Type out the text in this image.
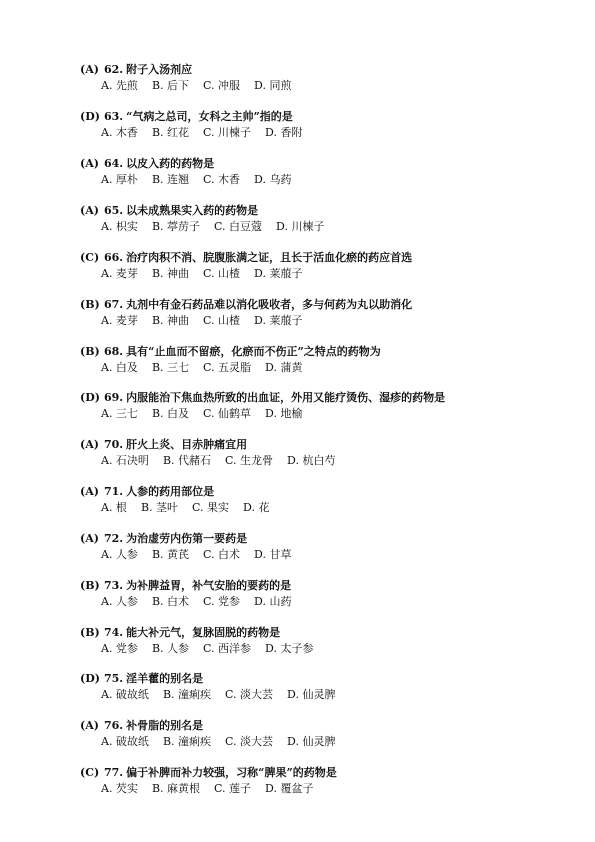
(A) 62. 附子入汤剂应
A. 先煎 B. 后下 C. 冲服 D. 同煎
(D) 63. “气病之总司，女科之主帅”指的是
A. 木香 B. 红花 C. 川楝子 D. 香附
(A) 64. 以皮入药的药物是
A. 厚朴 B. 连翘 C. 木香 D. 乌药
(A) 65. 以未成熟果实入药的药物是
A. 枳实 B. 葶苈子 C. 白豆蔻 D. 川楝子
(C) 66. 治疗肉积不消、脘腹胀满之证，且长于活血化瘀的药应首选
A. 麦芽 B. 神曲 C. 山楂 D. 莱菔子
(B) 67. 丸剂中有金石药品难以消化吸收者，多与何药为丸以助消化
A. 麦芽 B. 神曲 C. 山楂 D. 莱菔子
(B) 68. 具有“止血而不留瘀，化瘀而不伤正”之特点的药物为
A. 白及 B. 三七 C. 五灵脂 D. 蒲黄
(D) 69. 内服能治下焦血热所致的出血证，外用又能疗烫伤、湿疹的药物是
A. 三七 B. 白及 C. 仙鹤草 D. 地榆
(A) 70. 肝火上炎、目赤肿痛宜用
A. 石决明 B. 代赭石 C. 生龙骨 D. 杭白芍
(A) 71. 人参的药用部位是
A. 根 B. 茎叶 C. 果实 D. 花
(A) 72. 为治虚劳内伤第一要药是
A. 人参 B. 黄芪 C. 白术 D. 甘草
(B) 73. 为补脾益胃，补气安胎的要药的是
A. 人参 B. 白术 C. 党参 D. 山药
(B) 74. 能大补元气，复脉固脱的药物是
A. 党参 B. 人参 C. 西洋参 D. 太子参
(D) 75. 淫羊藿的别名是
A. 破故纸 B. 潼痢疾 C. 淡大芸 D. 仙灵脾
(A) 76. 补骨脂的别名是
A. 破故纸 B. 潼痢疾 C. 淡大芸 D. 仙灵脾
(C) 77. 偏于补脾而补力较强，习称“脾果”的药物是
A. 芡实 B. 麻黄根 C. 莲子 D. 覆盆子
